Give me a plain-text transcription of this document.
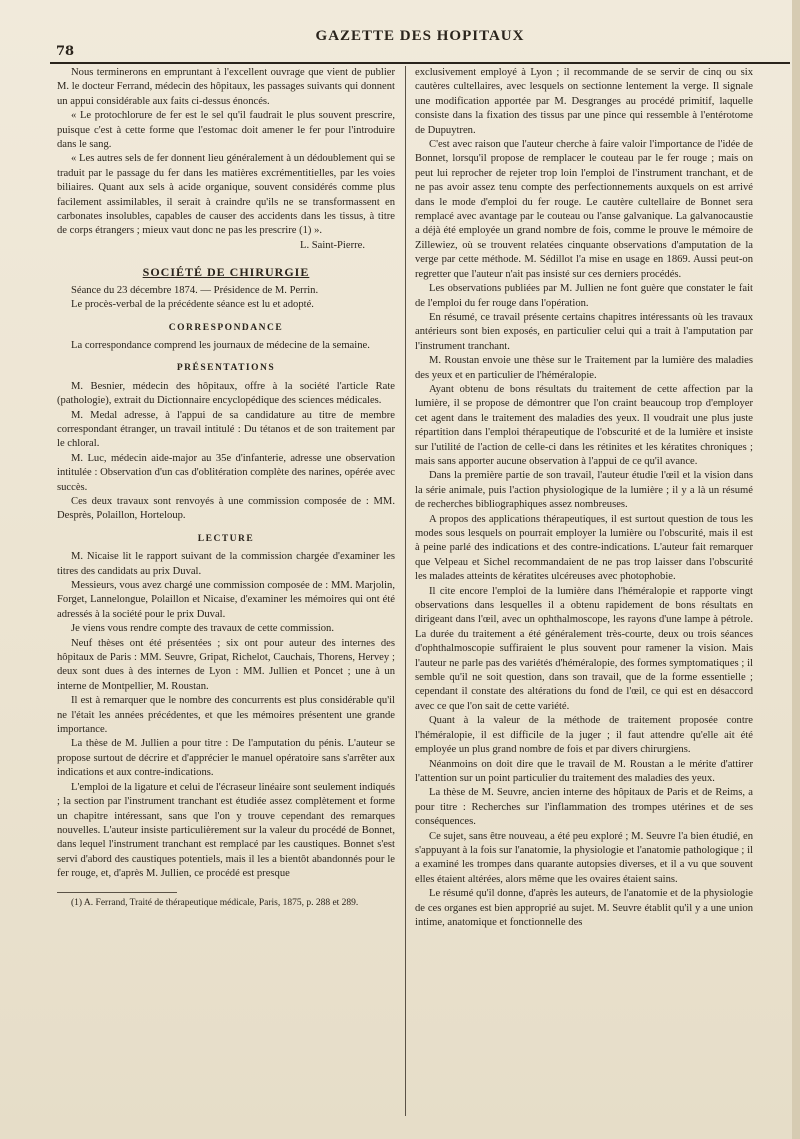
78
GAZETTE DES HOPITAUX

Nous terminerons en empruntant à l'excellent ouvrage que vient de publier M. le docteur Ferrand, médecin des hôpitaux, les passages suivants qui donnent un appui considérable aux faits ci-dessus énoncés.

« Le protochlorure de fer est le sel qu'il faudrait le plus souvent prescrire, puisque c'est à cette forme que l'estomac doit amener le fer pour l'introduire dans le sang.

« Les autres sels de fer donnent lieu généralement à un dédoublement qui se traduit par le passage du fer dans les matières excrémentitielles, par les voies biliaires. Quant aux sels à acide organique, souvent considérés comme plus facilement assimilables, il serait à craindre qu'ils ne se transformassent en carbonates insolubles, capables de causer des accidents dans les tissus, à titre de corps étrangers ; mieux vaut donc ne pas les prescrire (1) ».

L. Saint-Pierre.

SOCIÉTÉ DE CHIRURGIE

Séance du 23 décembre 1874. — Présidence de M. Perrin.

Le procès-verbal de la précédente séance est lu et adopté.

CORRESPONDANCE

La correspondance comprend les journaux de médecine de la semaine.

PRÉSENTATIONS

M. Besnier, médecin des hôpitaux, offre à la société l'article Rate (pathologie), extrait du Dictionnaire encyclopédique des sciences médicales.

M. Medal adresse, à l'appui de sa candidature au titre de membre correspondant étranger, un travail intitulé : Du tétanos et de son traitement par le chloral.

M. Luc, médecin aide-major au 35e d'infanterie, adresse une observation intitulée : Observation d'un cas d'oblitération complète des narines, opérée avec succès.

Ces deux travaux sont renvoyés à une commission composée de : MM. Desprès, Polaillon, Horteloup.

LECTURE

M. Nicaise lit le rapport suivant de la commission chargée d'examiner les titres des candidats au prix Duval.

Messieurs, vous avez chargé une commission composée de : MM. Marjolin, Forget, Lannelongue, Polaillon et Nicaise, d'examiner les mémoires qui ont été adressés à la société pour le prix Duval.

Je viens vous rendre compte des travaux de cette commission.

Neuf thèses ont été présentées ; six ont pour auteur des internes des hôpitaux de Paris : MM. Seuvre, Gripat, Richelot, Cauchais, Thorens, Hervey ; deux sont dues à des internes de Lyon : MM. Jullien et Poncet ; une à un interne de Montpellier, M. Roustan.

Il est à remarquer que le nombre des concurrents est plus considérable qu'il ne l'était les années précédentes, et que les mémoires présentent une grande importance.

La thèse de M. Jullien a pour titre : De l'amputation du pénis. L'auteur se propose surtout de décrire et d'apprécier le manuel opératoire sans s'arrêter aux indications et aux contre-indications.

L'emploi de la ligature et celui de l'écraseur linéaire sont seulement indiqués ; la section par l'instrument tranchant est étudiée assez complètement et forme un chapitre intéressant, sans que l'on y trouve cependant des remarques nouvelles. L'auteur insiste particulièrement sur la valeur du procédé de Bonnet, dans lequel l'instrument tranchant est remplacé par les caustiques. Bonnet s'est servi d'abord des caustiques potentiels, mais il les a bientôt abandonnés pour le fer rouge, et, d'après M. Jullien, ce procédé est presque

(1) A. Ferrand, Traité de thérapeutique médicale, Paris, 1875, p. 288 et 289.

exclusivement employé à Lyon ; il recommande de se servir de cinq ou six cautères cultellaires, avec lesquels on sectionne lentement la verge. Il signale une modification apportée par M. Desgranges au procédé primitif, laquelle consiste dans la fixation des tissus par une pince qui ressemble à l'entérotome de Dupuytren.

C'est avec raison que l'auteur cherche à faire valoir l'importance de l'idée de Bonnet, lorsqu'il propose de remplacer le couteau par le fer rouge ; mais on peut lui reprocher de rejeter trop loin l'emploi de l'instrument tranchant, et de ne pas avoir assez tenu compte des perfectionnements auxquels on est arrivé dans le mode d'emploi du fer rouge. Le cautère cultellaire de Bonnet sera remplacé avec avantage par le couteau ou l'anse galvanique. La galvanocaustie a déjà été employée un grand nombre de fois, comme le prouve le mémoire de Zillewiez, où se trouvent relatées cinquante observations d'amputation de la verge par cette méthode. M. Sédillot l'a mise en usage en 1869. Aussi peut-on regretter que l'auteur n'ait pas insisté sur ces derniers procédés.

Les observations publiées par M. Jullien ne font guère que constater le fait de l'emploi du fer rouge dans l'opération.

En résumé, ce travail présente certains chapitres intéressants où les travaux antérieurs sont bien exposés, en particulier celui qui a trait à l'amputation par l'instrument tranchant.

M. Roustan envoie une thèse sur le Traitement par la lumière des maladies des yeux et en particulier de l'héméralopie.

Ayant obtenu de bons résultats du traitement de cette affection par la lumière, il se propose de démontrer que l'on craint beaucoup trop d'employer cet agent dans le traitement des maladies des yeux. Il voudrait une plus juste répartition dans l'emploi thérapeutique de l'obscurité et de la lumière et insiste sur l'utilité de l'action de celle-ci dans les rétinites et les kératites chroniques ; mais sans apporter aucune observation à l'appui de ce qu'il avance.

Dans la première partie de son travail, l'auteur étudie l'œil et la vision dans la série animale, puis l'action physiologique de la lumière ; il y a là un résumé de recherches bibliographiques assez nombreuses.

A propos des applications thérapeutiques, il est surtout question de tous les modes sous lesquels on pourrait employer la lumière ou l'obscurité, mais il est à peine parlé des indications et des contre-indications. L'auteur fait remarquer que Velpeau et Sichel recommandaient de ne pas trop laisser dans l'obscurité les malades atteints de kératites ulcéreuses avec photophobie.

Il cite encore l'emploi de la lumière dans l'héméralopie et rapporte vingt observations dans lesquelles il a obtenu rapidement de bons résultats en dirigeant dans l'œil, avec un ophthalmoscope, les rayons d'une lampe à pétrole. La durée du traitement a été généralement très-courte, deux ou trois séances d'ophthalmoscopie suffiraient le plus souvent pour ramener la vision. Mais l'auteur ne parle pas des variétés d'héméralopie, des formes symptomatiques ; il semble qu'il ne soit question, dans son travail, que de la forme essentielle ; cependant il constate des altérations du fond de l'œil, ce qui est en désaccord avec ce que l'on sait de cette variété.

Quant à la valeur de la méthode de traitement proposée contre l'héméralopie, il est difficile de la juger ; il faut attendre qu'elle ait été employée un plus grand nombre de fois et par divers chirurgiens.

Néanmoins on doit dire que le travail de M. Roustan a le mérite d'attirer l'attention sur un point particulier du traitement des maladies des yeux.

La thèse de M. Seuvre, ancien interne des hôpitaux de Paris et de Reims, a pour titre : Recherches sur l'inflammation des trompes utérines et de ses conséquences.

Ce sujet, sans être nouveau, a été peu exploré ; M. Seuvre l'a bien étudié, en s'appuyant à la fois sur l'anatomie, la physiologie et l'anatomie pathologique ; il a examiné les trompes dans quarante autopsies diverses, et il a vu que souvent elles étaient altérées, alors même que les ovaires étaient sains.

Le résumé qu'il donne, d'après les auteurs, de l'anatomie et de la physiologie de ces organes est bien approprié au sujet. M. Seuvre établit qu'il y a une union intime, anatomique et fonctionnelle des
